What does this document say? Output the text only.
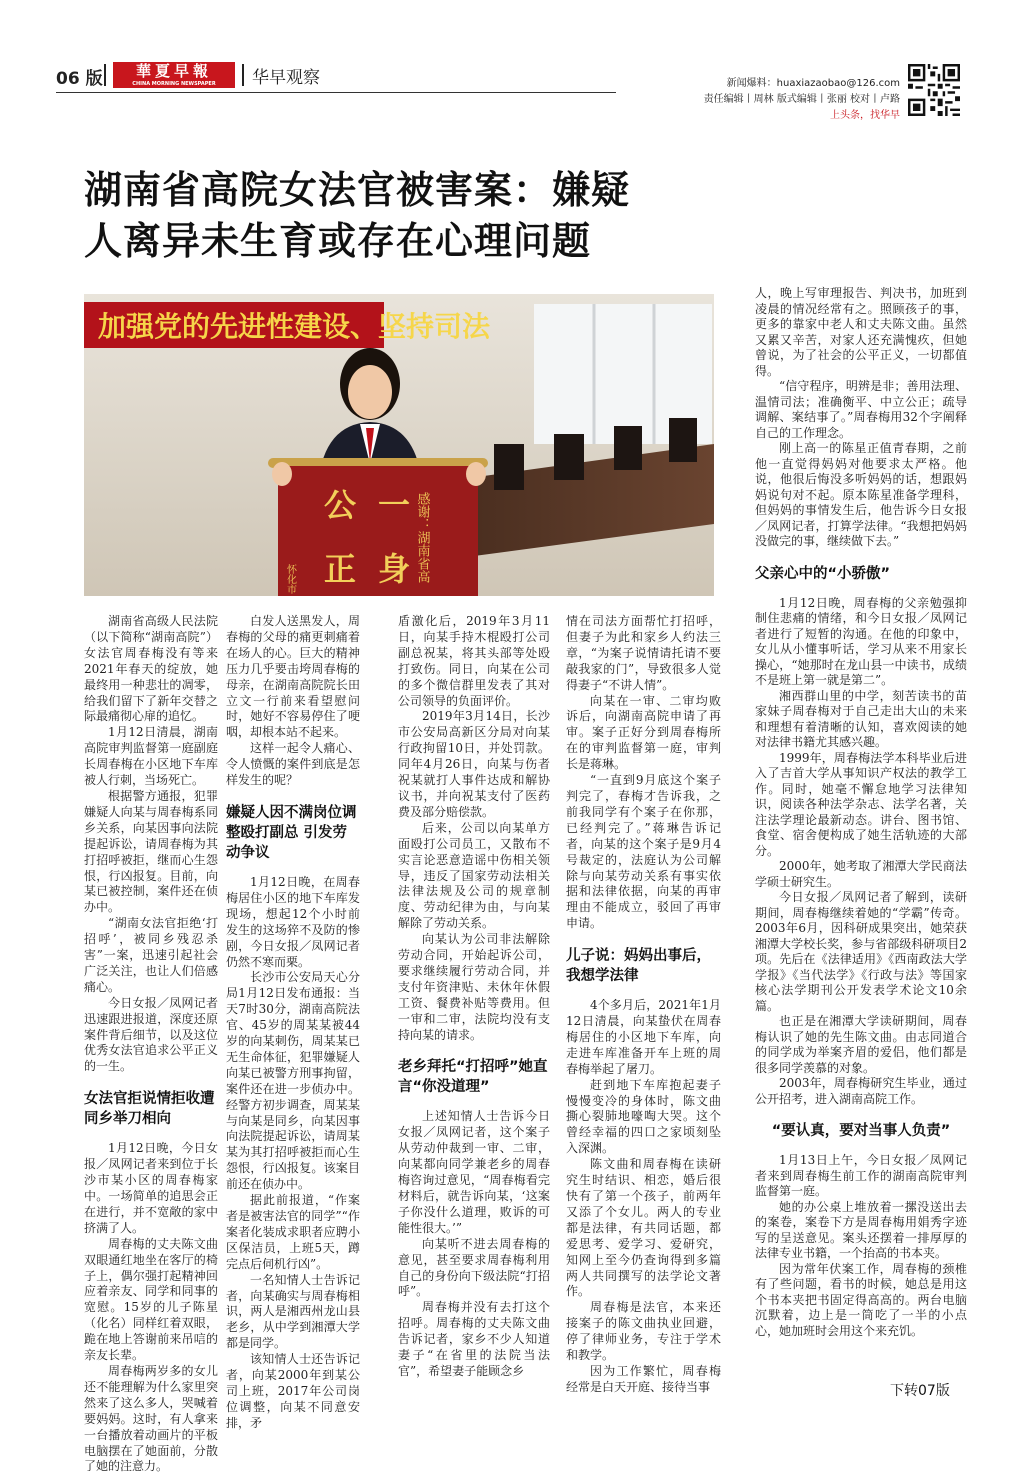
06 版	華夏早報
CHINA MORNING NEWSPAPER	华早观察	新闻爆料：huaxiazaobao@126.com
责任编辑丨周林 版式编辑丨张丽 校对丨卢路
上头条，找华早
湖南省高院女法官被害案：嫌疑
人离异未生育或存在心理问题
加强党的先进性建设、坚持司法
感谢：湖南省高
公 一
正 身
怀化市

湖南省高级人民法院（以下简称“湖南高院”）女法官周春梅没有等来2021年春天的绽放，她最终用一种悲壮的凋零，给我们留下了新年交替之际最痛彻心扉的追忆。

1月12日清晨，湖南高院审判监督第一庭副庭长周春梅在小区地下车库被人行刺，当场死亡。

根据警方通报，犯罪嫌疑人向某与周春梅系同乡关系，向某因事向法院提起诉讼，请周春梅为其打招呼被拒，继而心生怨恨，行凶报复。目前，向某已被控制，案件还在侦办中。

“湖南女法官拒绝‘打招呼’，被同乡残忍杀害”一案，迅速引起社会广泛关注，也让人们倍感痛心。

今日女报／凤网记者迅速跟进报道，深度还原案件背后细节，以及这位优秀女法官追求公平正义的一生。

女法官拒说情拒收遭同乡举刀相向

1月12日晚，今日女报／凤网记者来到位于长沙市某小区的周春梅家中。一场简单的追思会正在进行，并不宽敞的家中挤满了人。

周春梅的丈夫陈文曲双眼通红地坐在客厅的椅子上，偶尔强打起精神回应着亲友、同学和同事的宽慰。15岁的儿子陈星（化名）同样红着双眼，跪在地上答谢前来吊唁的亲友长辈。

周春梅两岁多的女儿还不能理解为什么家里突然来了这么多人，哭喊着要妈妈。这时，有人拿来一台播放着动画片的平板电脑摆在了她面前，分散了她的注意力。

白发人送黑发人，周春梅的父母的痛更刺痛着在场人的心。巨大的精神压力几乎要击垮周春梅的母亲，在湖南高院院长田立文一行前来看望慰问时，她好不容易停住了哽咽，却根本站不起来。

这样一起令人痛心、令人愤慨的案件到底是怎样发生的呢？

嫌疑人因不满岗位调整殴打副总 引发劳动争议

1月12日晚，在周春梅居住小区的地下车库发现场，想起12个小时前发生的这场猝不及防的惨剧，今日女报／凤网记者仍然不寒而栗。

长沙市公安局天心分局1月12日发布通报：当天7时30分，湖南高院法官、45岁的周某某被44岁的向某刺伤，周某某已无生命体征，犯罪嫌疑人向某已被警方刑事拘留，案件还在进一步侦办中。经警方初步调查，周某某与向某是同乡，向某因事向法院提起诉讼，请周某某为其打招呼被拒而心生怨恨，行凶报复。该案目前还在侦办中。

据此前报道，“作案者是被害法官的同学”“作案者化装成求职者应聘小区保洁员，上班5天，蹲完点后伺机行凶”。

一名知情人士告诉记者，向某确实与周春梅相识，两人是湘西州龙山县老乡，从中学到湘潭大学都是同学。

该知情人士还告诉记者，向某2000年到某公司上班，2017年公司岗位调整，向某不同意安排，矛

盾激化后，2019年3月11日，向某手持木棍殴打公司副总祝某，将其头部等处殴打致伤。同日，向某在公司的多个微信群里发表了其对公司领导的负面评价。

2019年3月14日，长沙市公安局高新区分局对向某行政拘留10日，并处罚款。同年4月26日，向某与伤者祝某就打人事件达成和解协议书，并向祝某支付了医药费及部分赔偿款。

后来，公司以向某单方面殴打公司员工，又散布不实言论恶意造谣中伤相关领导，违反了国家劳动法相关法律法规及公司的规章制度、劳动纪律为由，与向某解除了劳动关系。

向某认为公司非法解除劳动合同，开始起诉公司，要求继续履行劳动合同，并支付年资津贴、未休年休假工资、餐费补贴等费用。但一审和二审，法院均没有支持向某的请求。

老乡拜托“打招呼”她直言“你没道理”

上述知情人士告诉今日女报／凤网记者，这个案子从劳动仲裁到一审、二审，向某都向同学兼老乡的周春梅咨询过意见，“周春梅看完材料后，就告诉向某，‘这案子你没什么道理，败诉的可能性很大。’”

向某听不进去周春梅的意见，甚至要求周春梅利用自己的身份向下级法院“打招呼”。

周春梅并没有去打这个招呼。周春梅的丈夫陈文曲告诉记者，家乡不少人知道妻子“在省里的法院当法官”，希望妻子能顾念乡

情在司法方面帮忙打招呼，但妻子为此和家乡人约法三章，“为案子说情请托请不要敲我家的门”，导致很多人觉得妻子“不讲人情”。

向某在一审、二审均败诉后，向湖南高院申请了再审。案子正好分到周春梅所在的审判监督第一庭，审判长是蒋琳。

“一直到9月底这个案子判完了，春梅才告诉我，之前我同学有个案子在你那，已经判完了。”蒋琳告诉记者，向某的这个案子是9月4号裁定的，法庭认为公司解除与向某劳动关系有事实依据和法律依据，向某的再审理由不能成立，驳回了再审申请。

儿子说：妈妈出事后，我想学法律

4个多月后，2021年1月12日清晨，向某蛰伏在周春梅居住的小区地下车库，向走进车库准备开车上班的周春梅举起了屠刀。

赶到地下车库抱起妻子慢慢变冷的身体时，陈文曲撕心裂肺地嚎啕大哭。这个曾经幸福的四口之家顷刻坠入深渊。

陈文曲和周春梅在读研究生时结识、相恋，婚后很快有了第一个孩子，前两年又添了个女儿。两人的专业都是法律，有共同话题，都爱思考、爱学习、爱研究，知网上至今仍查询得到多篇两人共同撰写的法学论文著作。

周春梅是法官，本来还接案子的陈文曲执业回避，停了律师业务，专注于学术和教学。

因为工作繁忙，周春梅经常是白天开庭、接待当事

人，晚上写审理报告、判决书，加班到凌晨的情况经常有之。照顾孩子的事，更多的靠家中老人和丈夫陈文曲。虽然又累又辛苦，对家人还充满愧疚，但她曾说，为了社会的公平正义，一切都值得。

“信守程序，明辨是非；善用法理、温情司法；准确衡平、中立公正；疏导调解、案结事了。”周春梅用32个字阐释自己的工作理念。

刚上高一的陈星正值青春期，之前他一直觉得妈妈对他要求太严格。他说，他很后悔没多听妈妈的话，想跟妈妈说句对不起。原本陈星准备学理科，但妈妈的事情发生后，他告诉今日女报／凤网记者，打算学法律。“我想把妈妈没做完的事，继续做下去。”

父亲心中的“小骄傲”

1月12日晚，周春梅的父亲勉强抑制住悲痛的情绪，和今日女报／凤网记者进行了短暂的沟通。在他的印象中，女儿从小懂事听话，学习从来不用家长操心，“她那时在龙山县一中读书，成绩不是班上第一就是第二”。

湘西群山里的中学，刻苦读书的苗家妹子周春梅对于自己走出大山的未来和理想有着清晰的认知，喜欢阅读的她对法律书籍尤其感兴趣。

1999年，周春梅法学本科毕业后进入了吉首大学从事知识产权法的教学工作。同时，她毫不懈怠地学习法律知识，阅读各种法学杂志、法学名著，关注法学理论最新动态。讲台、图书馆、食堂、宿舍便构成了她生活轨迹的大部分。

2000年，她考取了湘潭大学民商法学硕士研究生。

今日女报／凤网记者了解到，读研期间，周春梅继续着她的“学霸”传奇。2003年6月，因科研成果突出，她荣获湘潭大学校长奖，参与省部级科研项目2项。先后在《法律适用》《西南政法大学学报》《当代法学》《行政与法》等国家核心法学期刊公开发表学术论文10余篇。

也正是在湘潭大学读研期间，周春梅认识了她的先生陈文曲。由志同道合的同学成为举案齐眉的爱侣，他们都是很多同学羡慕的对象。

2003年，周春梅研究生毕业，通过公开招考，进入湖南高院工作。

“要认真，要对当事人负责”

1月13日上午，今日女报／凤网记者来到周春梅生前工作的湖南高院审判监督第一庭。

她的办公桌上堆放着一摞没送出去的案卷，案卷下方是周春梅用娟秀字迹写的呈送意见。案头还摆着一排厚厚的法律专业书籍，一个抬高的书本夹。

因为常年伏案工作，周春梅的颈椎有了些问题，看书的时候，她总是用这个书本夹把书固定得高高的。两台电脑沉默着，边上是一筒吃了一半的小点心，她加班时会用这个来充饥。

下转07版
